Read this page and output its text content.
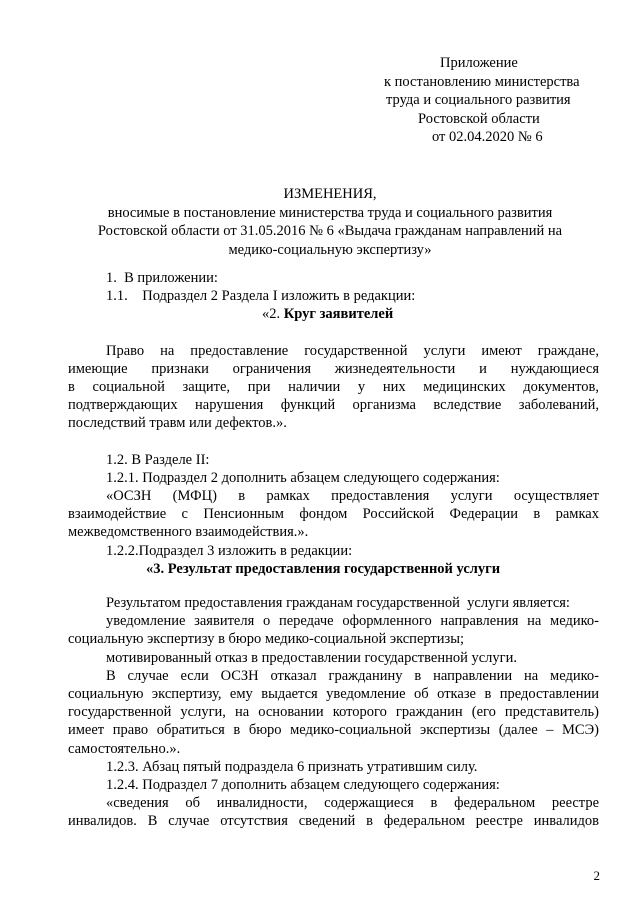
Приложение
к постановлению министерства
труда и социального развития
Ростовской области
от 02.04.2020 № 6
ИЗМЕНЕНИЯ,
вносимые в постановление министерства труда и социального развития
Ростовской области от 31.05.2016 № 6 «Выдача гражданам направлений на
медико-социальную экспертизу»
1.  В приложении:
1.1.    Подраздел 2 Раздела I изложить в редакции:
«2. Круг заявителей
Право на предоставление государственной услуги имеют граждане,
имеющие признаки ограничения жизнедеятельности и нуждающиеся
в социальной защите, при наличии у них медицинских документов,
подтверждающих нарушения функций организма вследствие заболеваний,
последствий травм или дефектов.».
1.2. В Разделе II:
1.2.1. Подраздел 2 дополнить абзацем следующего содержания:
«ОСЗН (МФЦ) в рамках предоставления услуги осуществляет
взаимодействие с Пенсионным фондом Российской Федерации в рамках
межведомственного взаимодействия.».
1.2.2.Подраздел 3 изложить в редакции:
«3. Результат предоставления государственной услуги
Результатом предоставления гражданам государственной  услуги является:
уведомление заявителя о передаче оформленного направления на медико-
социальную экспертизу в бюро медико-социальной экспертизы;
мотивированный отказ в предоставлении государственной услуги.
В случае если ОСЗН отказал гражданину в направлении на медико-
социальную экспертизу, ему выдается уведомление об отказе в предоставлении
государственной услуги, на основании которого гражданин (его представитель)
имеет право обратиться в бюро медико-социальной экспертизы (далее – МСЭ)
самостоятельно.».
1.2.3. Абзац пятый подраздела 6 признать утратившим силу.
1.2.4. Подраздел 7 дополнить абзацем следующего содержания:
«сведения об инвалидности, содержащиеся в федеральном реестре
инвалидов. В случае отсутствия сведений в федеральном реестре инвалидов
2
